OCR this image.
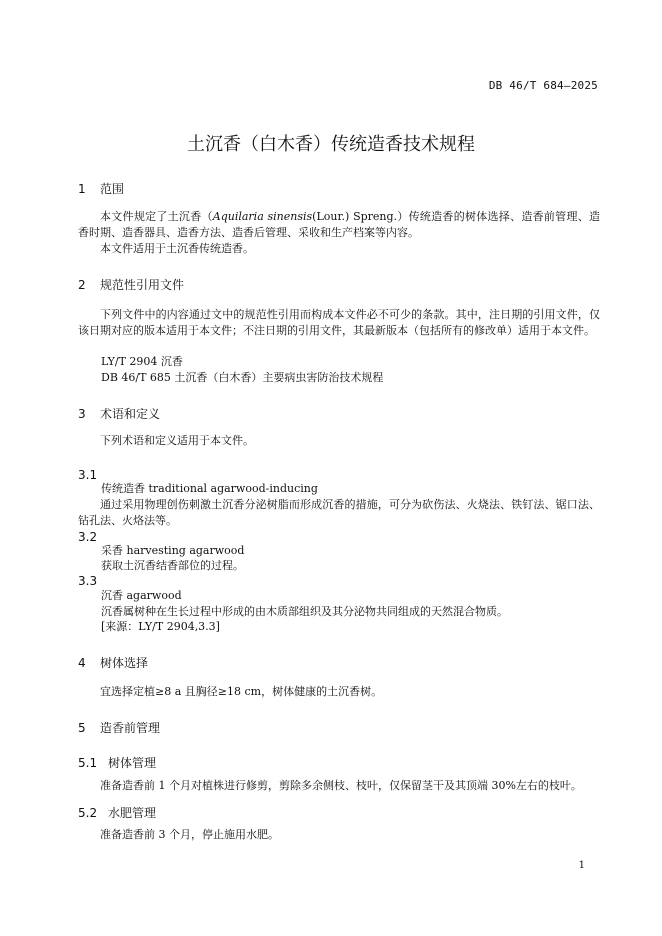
DB 46/T 684—2025
土沉香（白木香）传统造香技术规程
1 范围

本文件规定了土沉香（Aquilaria sinensis(Lour.) Spreng.）传统造香的树体选择、造香前管理、造香时期、造香器具、造香方法、造香后管理、采收和生产档案等内容。

本文件适用于土沉香传统造香。

2 规范性引用文件

下列文件中的内容通过文中的规范性引用而构成本文件必不可少的条款。其中，注日期的引用文件，仅该日期对应的版本适用于本文件；不注日期的引用文件，其最新版本（包括所有的修改单）适用于本文件。

LY/T 2904 沉香
DB 46/T 685 土沉香（白木香）主要病虫害防治技术规程
3 术语和定义

下列术语和定义适用于本文件。

3.1
传统造香 traditional agarwood-inducing

通过采用物理创伤刺激土沉香分泌树脂而形成沉香的措施，可分为砍伤法、火烧法、铁钉法、锯口法、钻孔法、火烙法等。

3.2
采香 harvesting agarwood
获取土沉香结香部位的过程。
3.3
沉香 agarwood
沉香属树种在生长过程中形成的由木质部组织及其分泌物共同组成的天然混合物质。
[来源：LY/T 2904,3.3]
4 树体选择

宜选择定植≥8 a 且胸径≥18 cm，树体健康的土沉香树。

5 造香前管理
5.1 树体管理

准备造香前 1 个月对植株进行修剪，剪除多余侧枝、枝叶，仅保留茎干及其顶端 30%左右的枝叶。

5.2 水肥管理

准备造香前 3 个月，停止施用水肥。

1
